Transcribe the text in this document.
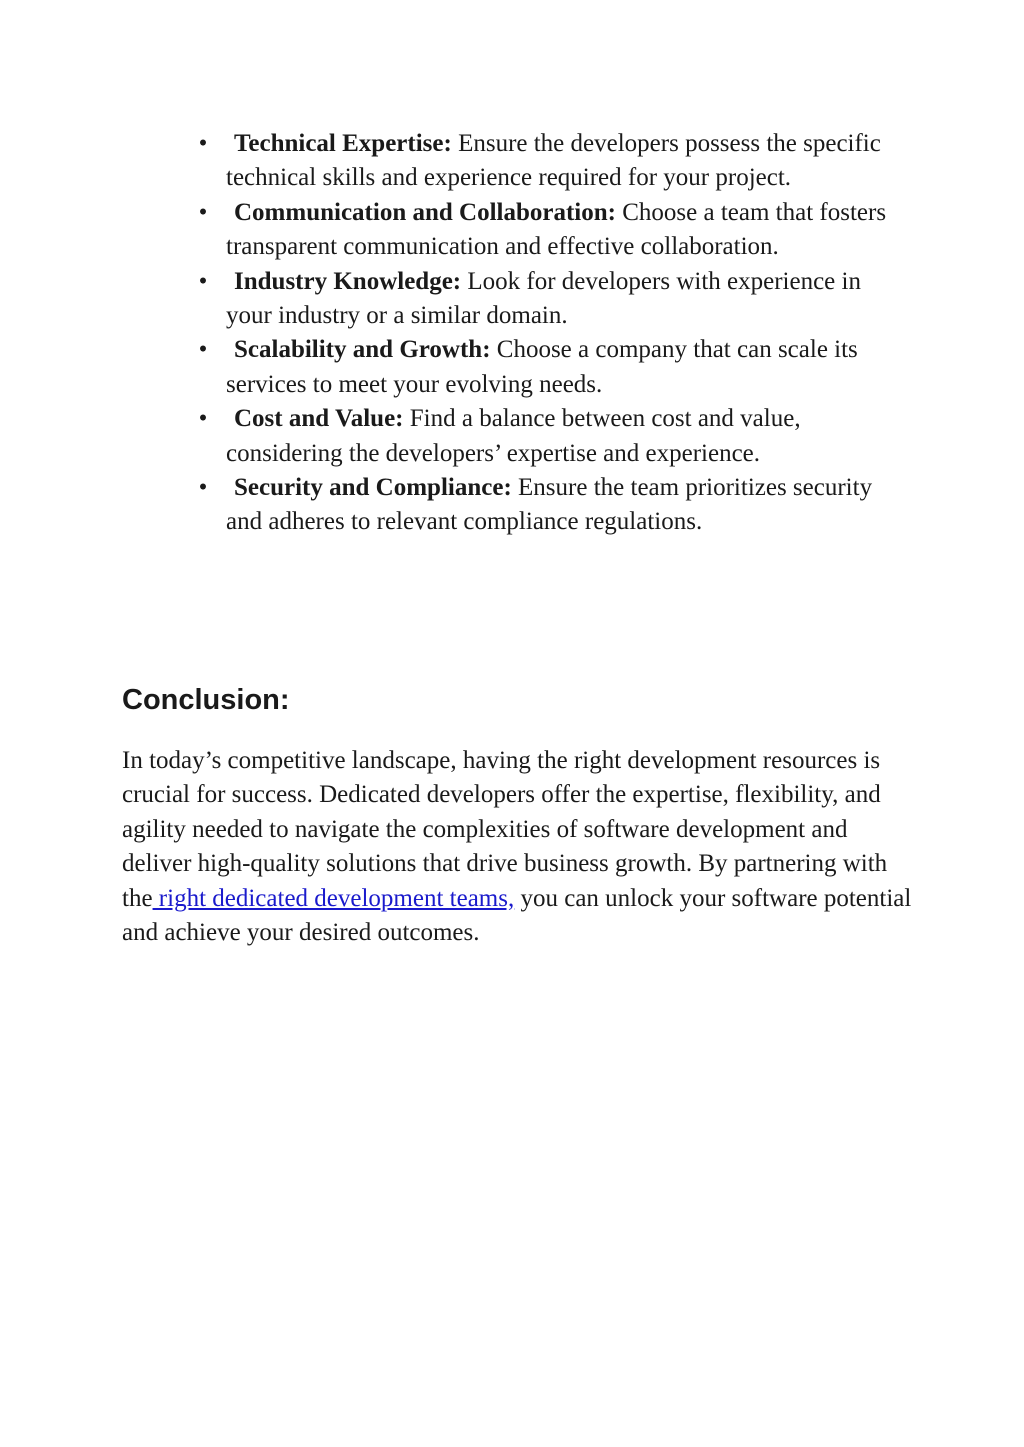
• Technical Expertise: Ensure the developers possess the specific technical skills and experience required for your project.
• Communication and Collaboration: Choose a team that fosters transparent communication and effective collaboration.
• Industry Knowledge: Look for developers with experience in your industry or a similar domain.
• Scalability and Growth: Choose a company that can scale its services to meet your evolving needs.
• Cost and Value: Find a balance between cost and value, considering the developers’ expertise and experience.
• Security and Compliance: Ensure the team prioritizes security and adheres to relevant compliance regulations.
Conclusion:

In today’s competitive landscape, having the right development resources is crucial for success. Dedicated developers offer the expertise, flexibility, and agility needed to navigate the complexities of software development and deliver high-quality solutions that drive business growth. By partnering with the right dedicated development teams, you can unlock your software potential and achieve your desired outcomes.
